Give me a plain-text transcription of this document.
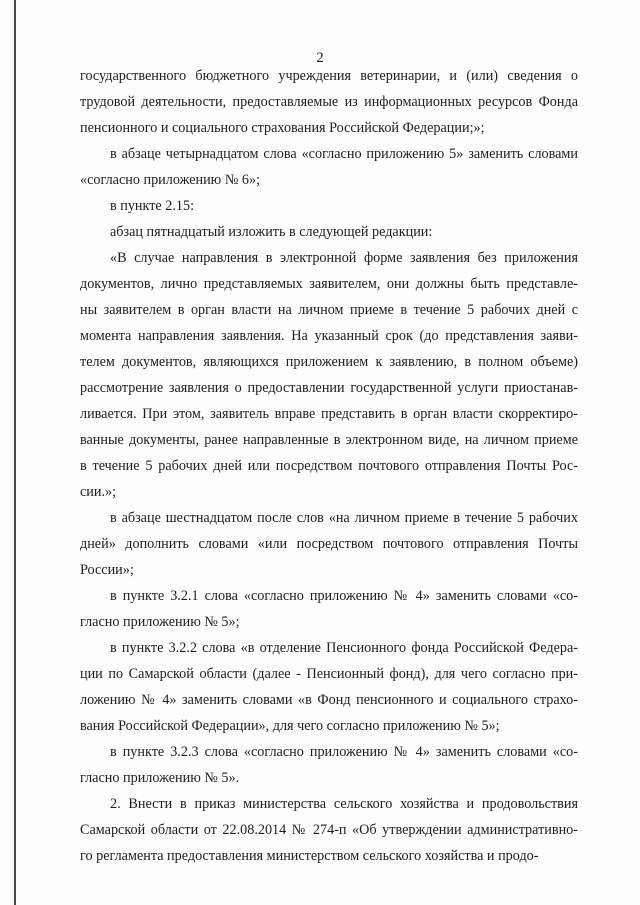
2

государственного бюджетного учреждения ветеринарии, и (или) сведения о
трудовой деятельности, предоставляемые из информационных ресурсов Фонда
пенсионного и социального страхования Российской Федерации;»;

в абзаце четырнадцатом слова «согласно приложению 5» заменить словами
«согласно приложению № 6»;

в пункте 2.15:

абзац пятнадцатый изложить в следующей редакции:

«В случае направления в электронной форме заявления без приложения
документов, лично представляемых заявителем, они должны быть представле-
ны заявителем в орган власти на личном приеме в течение 5 рабочих дней с
момента направления заявления. На указанный срок (до представления заяви-
телем документов, являющихся приложением к заявлению, в полном объеме)
рассмотрение заявления о предоставлении государственной услуги приостанав-
ливается. При этом, заявитель вправе представить в орган власти скорректиро-
ванные документы, ранее направленные в электронном виде, на личном приеме
в течение 5 рабочих дней или посредством почтового отправления Почты Рос-
сии.»;

в абзаце шестнадцатом после слов «на личном приеме в течение 5 рабочих
дней» дополнить словами «или посредством почтового отправления Почты
России»;

в пункте 3.2.1 слова «согласно приложению № 4» заменить словами «со-
гласно приложению № 5»;

в пункте 3.2.2 слова «в отделение Пенсионного фонда Российской Федера-
ции по Самарской области (далее - Пенсионный фонд), для чего согласно при-
ложению № 4» заменить словами «в Фонд пенсионного и социального страхо-
вания Российской Федерации», для чего согласно приложению № 5»;

в пункте 3.2.3 слова «согласно приложению № 4» заменить словами «со-
гласно приложению № 5».

2. Внести в приказ министерства сельского хозяйства и продовольствия
Самарской области от 22.08.2014 № 274-п «Об утверждении административно-
го регламента предоставления министерством сельского хозяйства и продо-
